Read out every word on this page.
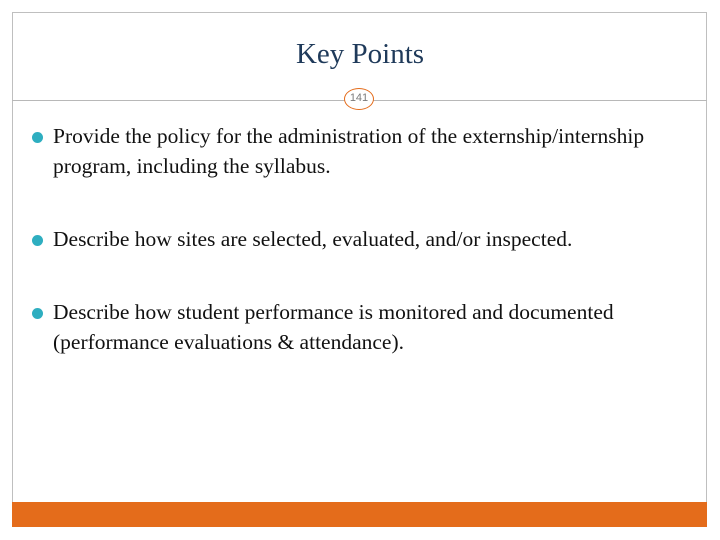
Key Points
141
Provide the policy for the administration of the externship/internship program, including the syllabus.
Describe how sites are selected, evaluated, and/or inspected.
Describe how student performance is monitored and documented (performance evaluations & attendance).
